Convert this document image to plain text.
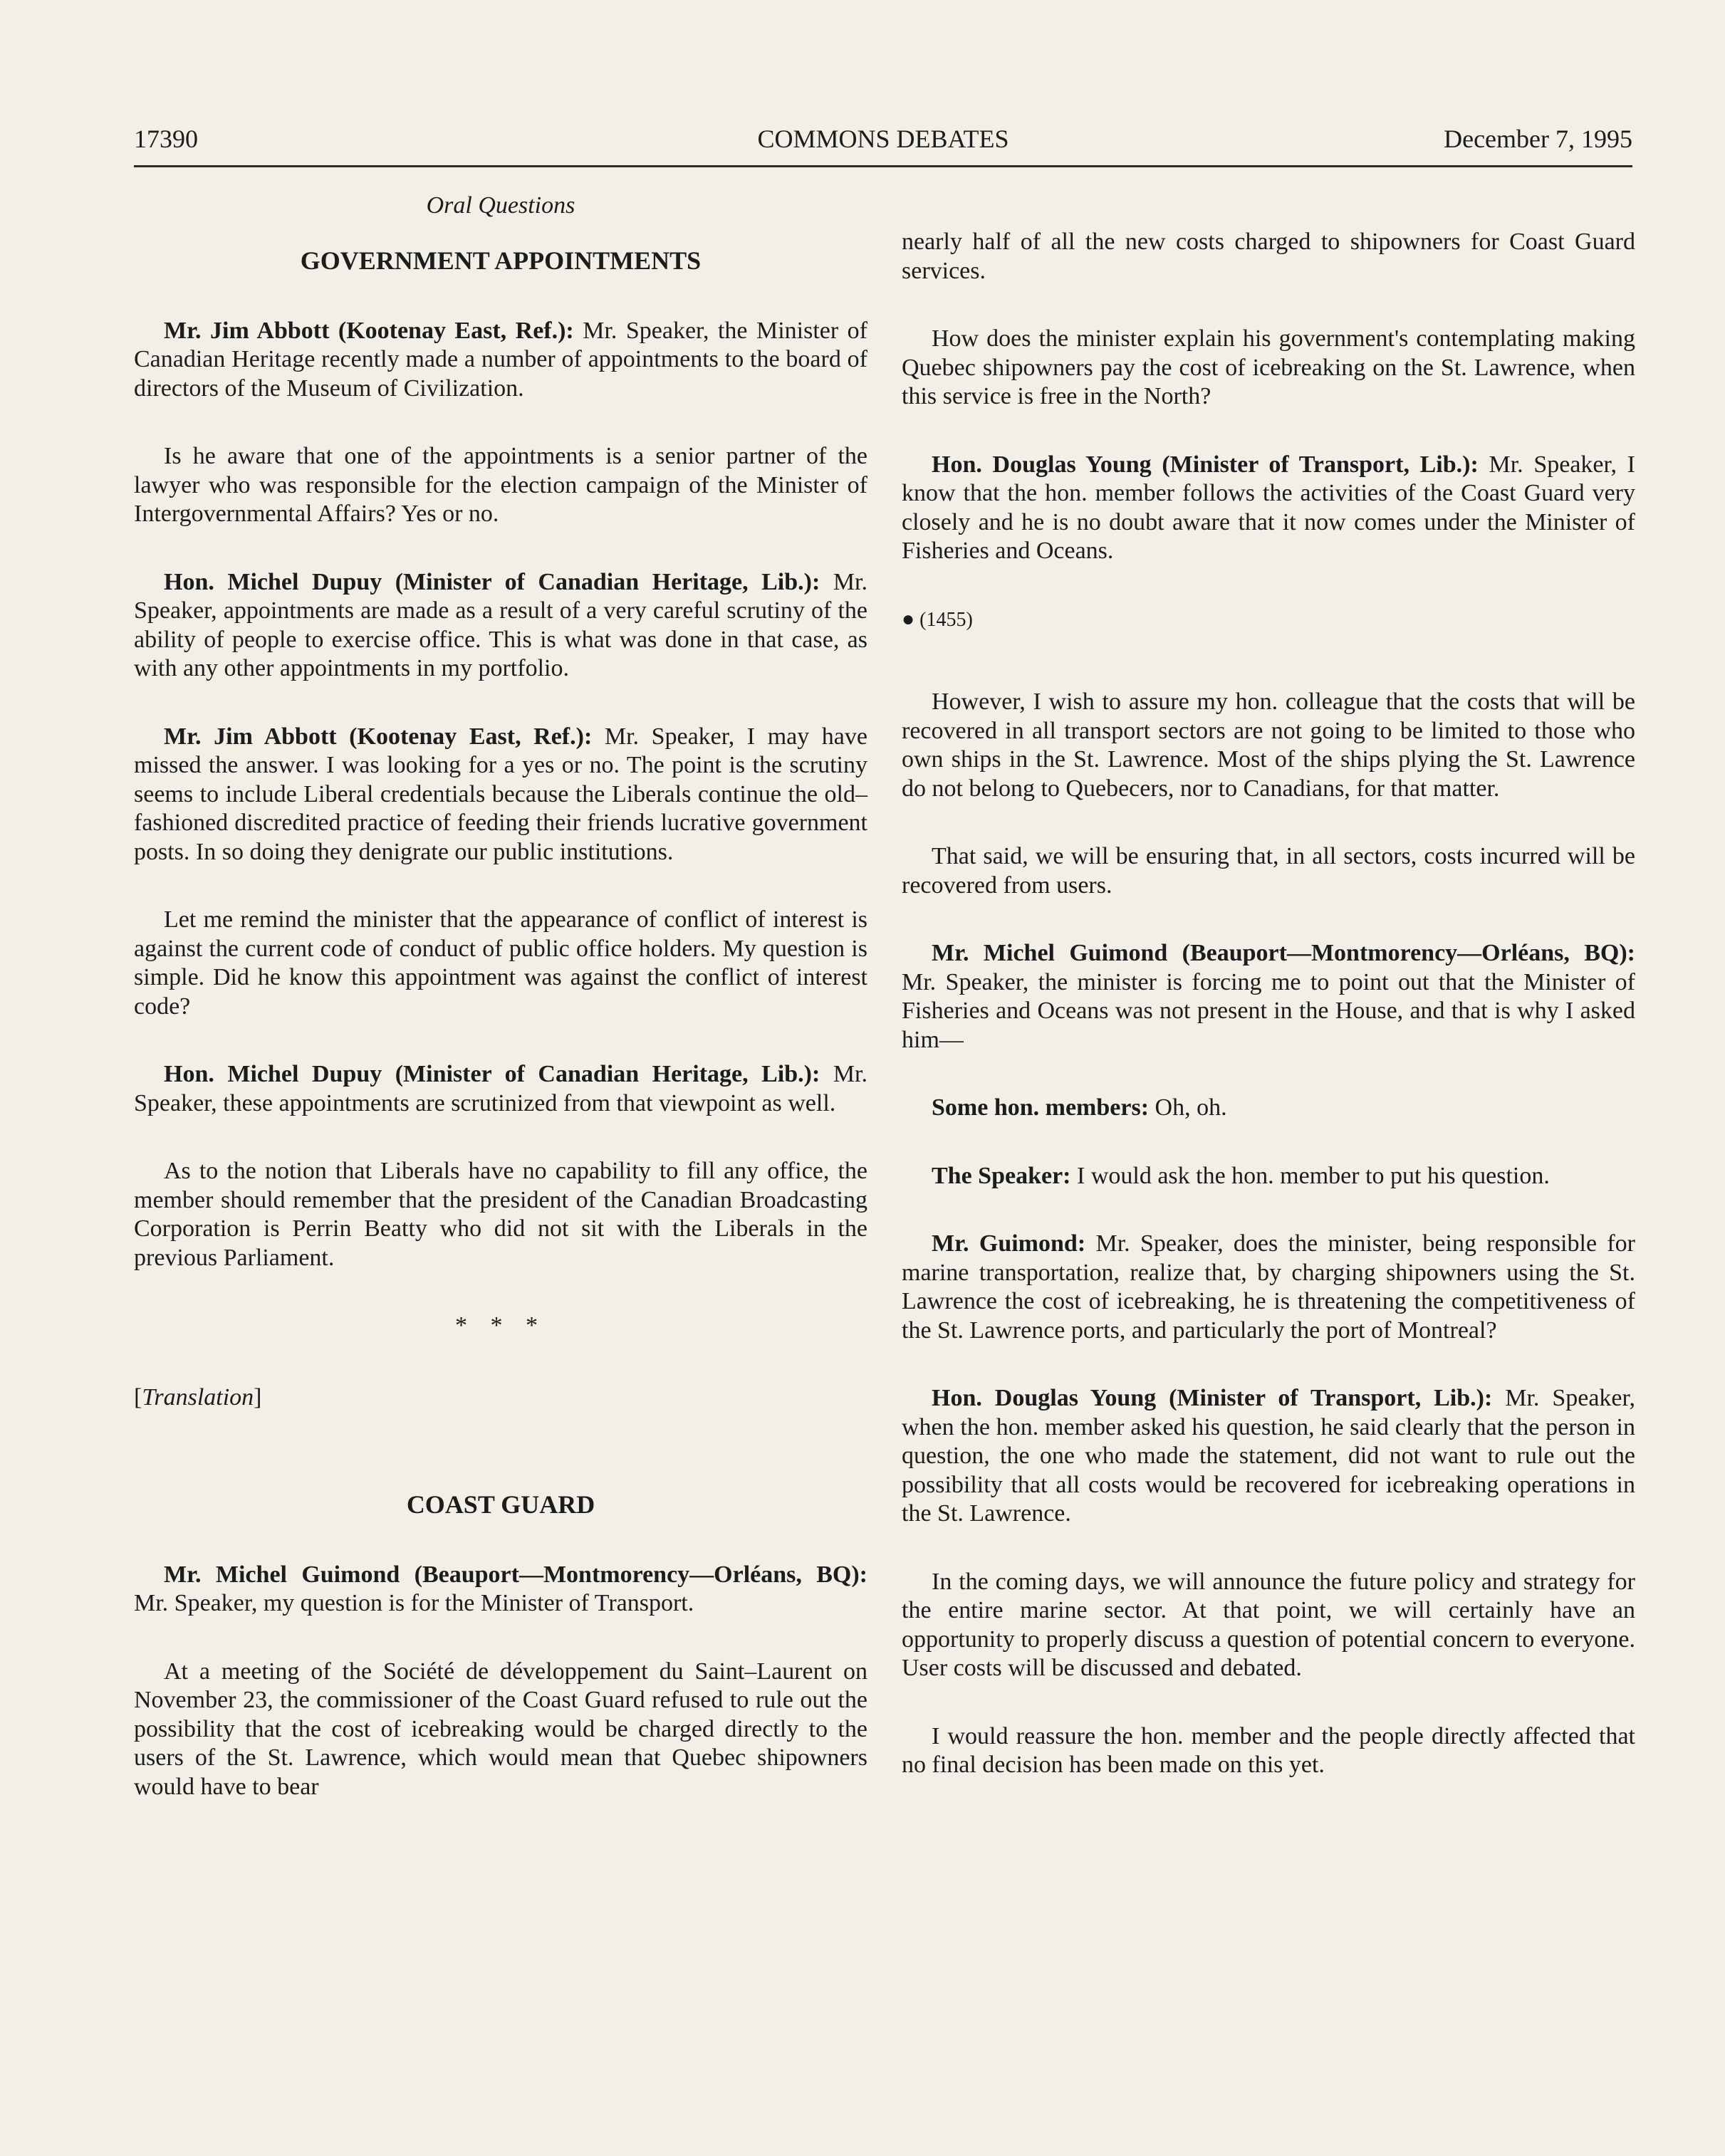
17390	COMMONS DEBATES	December 7, 1995
Oral Questions
GOVERNMENT APPOINTMENTS

Mr. Jim Abbott (Kootenay East, Ref.): Mr. Speaker, the Minister of Canadian Heritage recently made a number of appointments to the board of directors of the Museum of Civilization.

Is he aware that one of the appointments is a senior partner of the lawyer who was responsible for the election campaign of the Minister of Intergovernmental Affairs? Yes or no.

Hon. Michel Dupuy (Minister of Canadian Heritage, Lib.): Mr. Speaker, appointments are made as a result of a very careful scrutiny of the ability of people to exercise office. This is what was done in that case, as with any other appointments in my portfolio.

Mr. Jim Abbott (Kootenay East, Ref.): Mr. Speaker, I may have missed the answer. I was looking for a yes or no. The point is the scrutiny seems to include Liberal credentials because the Liberals continue the old–fashioned discredited practice of feeding their friends lucrative government posts. In so doing they denigrate our public institutions.

Let me remind the minister that the appearance of conflict of interest is against the current code of conduct of public office holders. My question is simple. Did he know this appointment was against the conflict of interest code?

Hon. Michel Dupuy (Minister of Canadian Heritage, Lib.): Mr. Speaker, these appointments are scrutinized from that viewpoint as well.

As to the notion that Liberals have no capability to fill any office, the member should remember that the president of the Canadian Broadcasting Corporation is Perrin Beatty who did not sit with the Liberals in the previous Parliament.

* * *
[Translation]
COAST GUARD

Mr. Michel Guimond (Beauport—Montmorency—Orléans, BQ): Mr. Speaker, my question is for the Minister of Transport.

At a meeting of the Société de développement du Saint–Laurent on November 23, the commissioner of the Coast Guard refused to rule out the possibility that the cost of icebreaking would be charged directly to the users of the St. Lawrence, which would mean that Quebec shipowners would have to bear

nearly half of all the new costs charged to shipowners for Coast Guard services.

How does the minister explain his government's contemplating making Quebec shipowners pay the cost of icebreaking on the St. Lawrence, when this service is free in the North?

Hon. Douglas Young (Minister of Transport, Lib.): Mr. Speaker, I know that the hon. member follows the activities of the Coast Guard very closely and he is no doubt aware that it now comes under the Minister of Fisheries and Oceans.

● (1455)

However, I wish to assure my hon. colleague that the costs that will be recovered in all transport sectors are not going to be limited to those who own ships in the St. Lawrence. Most of the ships plying the St. Lawrence do not belong to Quebecers, nor to Canadians, for that matter.

That said, we will be ensuring that, in all sectors, costs incurred will be recovered from users.

Mr. Michel Guimond (Beauport—Montmorency—Orléans, BQ): Mr. Speaker, the minister is forcing me to point out that the Minister of Fisheries and Oceans was not present in the House, and that is why I asked him—

Some hon. members: Oh, oh.

The Speaker: I would ask the hon. member to put his question.

Mr. Guimond: Mr. Speaker, does the minister, being responsible for marine transportation, realize that, by charging shipowners using the St. Lawrence the cost of icebreaking, he is threatening the competitiveness of the St. Lawrence ports, and particularly the port of Montreal?

Hon. Douglas Young (Minister of Transport, Lib.): Mr. Speaker, when the hon. member asked his question, he said clearly that the person in question, the one who made the statement, did not want to rule out the possibility that all costs would be recovered for icebreaking operations in the St. Lawrence.

In the coming days, we will announce the future policy and strategy for the entire marine sector. At that point, we will certainly have an opportunity to properly discuss a question of potential concern to everyone. User costs will be discussed and debated.

I would reassure the hon. member and the people directly affected that no final decision has been made on this yet.
